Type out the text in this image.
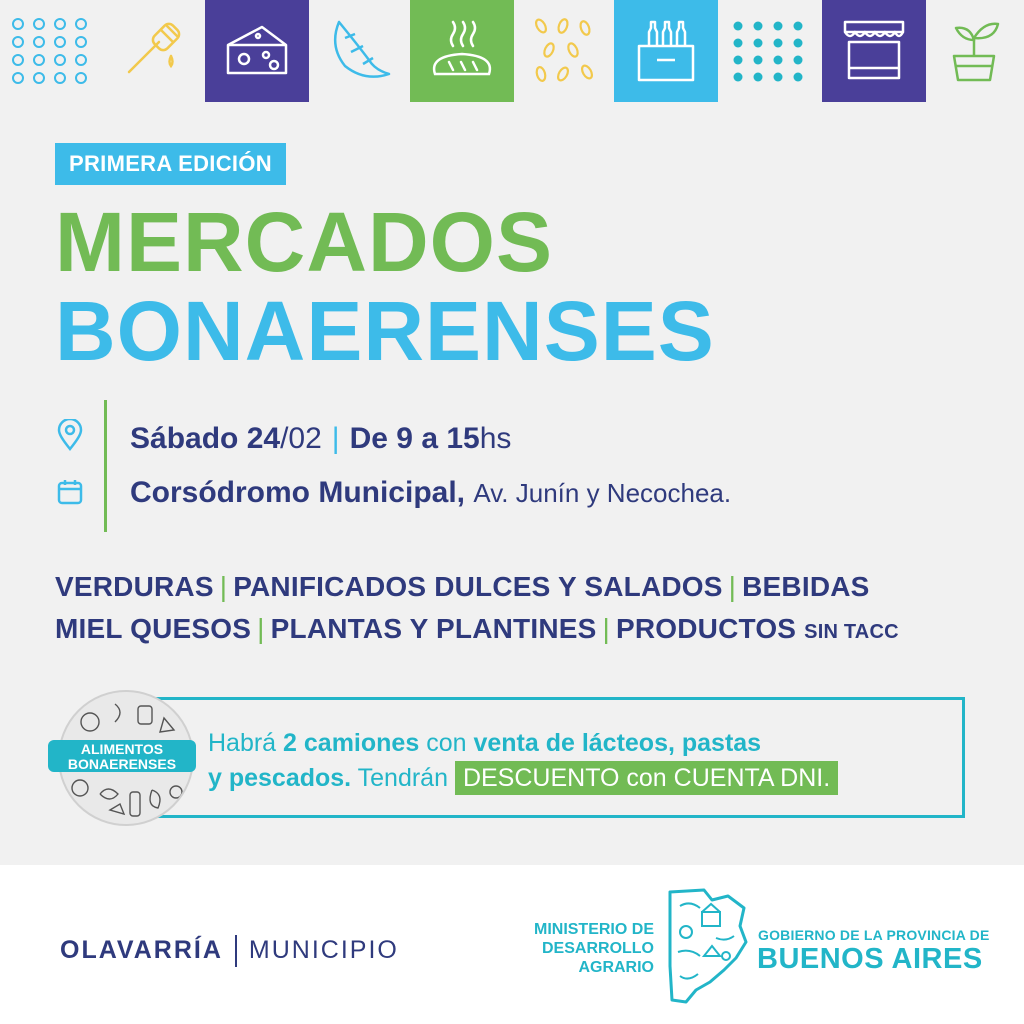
PRIMERA EDICIÓN
MERCADOS
BONAERENSES
Sábado 24/02 | De 9 a 15hs
Corsódromo Municipal, Av. Junín y Necochea.
VERDURAS | PANIFICADOS DULCES Y SALADOS | BEBIDAS
MIEL QUESOS | PLANTAS Y PLANTINES | PRODUCTOS SIN TACC
ALIMENTOS
BONAERENSES
Habrá 2 camiones con venta de lácteos, pastas
y pescados. Tendrán DESCUENTO con CUENTA DNI.
OLAVARRÍA MUNICIPIO
MINISTERIO DE
DESARROLLO
AGRARIO
GOBIERNO DE LA PROVINCIA DE
BUENOS AIRES
